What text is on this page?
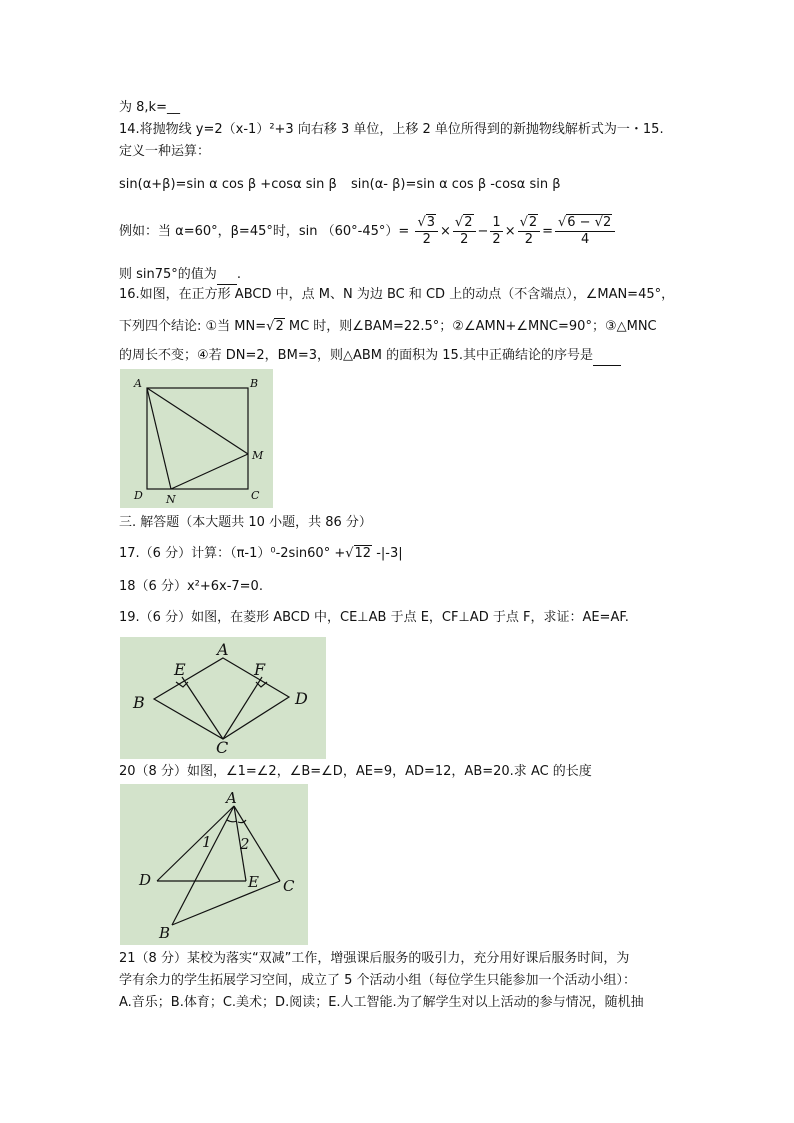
为 8,k=__
14.将抛物线 y=2（x-1）²+3 向右移 3 单位，上移 2 单位所得到的新抛物线解析式为一・15.
定义一种运算：
sin(α+β)=sin α cos β +cosα sin β sin(α- β)=sin α cos β -cosα sin β
例如：当 α=60°，β=45°时，$\sin (60^\circ-45^\circ)= \frac{√3}{2} \times \frac{√2}{2} - \frac{1}{2} \times \frac{√2}{2} = \frac{√6 - √2}{4}$
则 sin75°的值为 .
16.如图，在正方形 ABCD 中，点 M、N 为边 BC 和 CD 上的动点（不含端点），∠MAN=45°，
下列四个结论: ①当 MN=√2 MC 时，则∠BAM=22.5°；②∠AMN+∠MNC=90°；③△MNC
的周长不变；④若 DN=2，BM=3，则△ABM 的面积为 15.其中正确结论的序号是
A	B
M
C
D N
三. 解答题（本大题共 10 小题，共 86 分）
17.（6 分）计算：（π-1）⁰-2sin60° +√12 -|-3|
18（6 分）x²+6x-7=0.
19.（6 分）如图，在菱形 ABCD 中，CE⊥AB 于点 E，CF⊥AD 于点 F，求证：AE=AF.
A
E	F
B	D
C
20（8 分）如图，∠1=∠2，∠B=∠D，AE=9，AD=12，AB=20.求 AC 的长度
A
1 2
D	E C
B
21（8 分）某校为落实“双减”工作，增强课后服务的吸引力，充分用好课后服务时间，为
学有余力的学生拓展学习空间，成立了 5 个活动小组（每位学生只能参加一个活动小组）：
A.音乐；B.体育；C.美术；D.阅读；E.人工智能.为了解学生对以上活动的参与情况，随机抽
